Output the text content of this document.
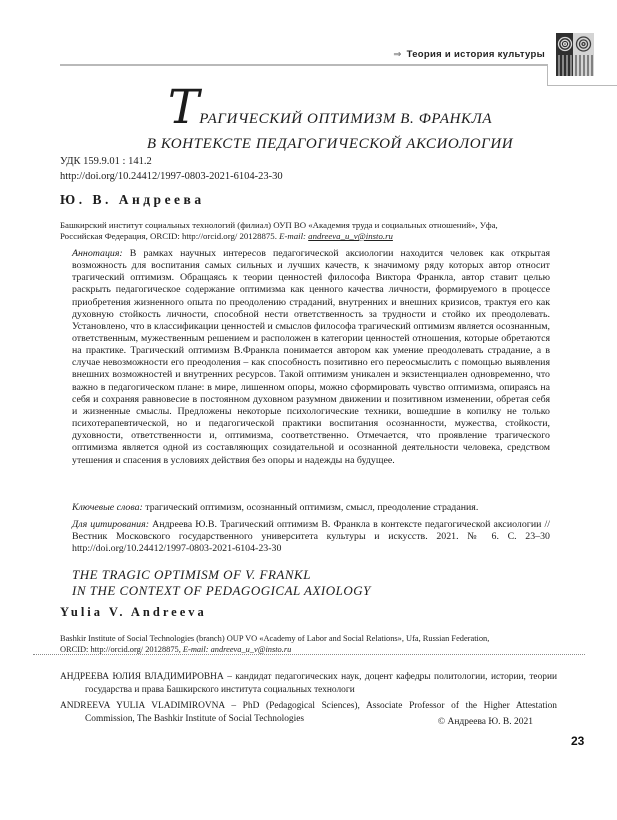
⇒ Теория и история культуры
ТРАГИЧЕСКИЙ ОПТИМИЗМ В. ФРАНКЛА
В КОНТЕКСТЕ ПЕДАГОГИЧЕСКОЙ АКСИОЛОГИИ
УДК 159.9.01 : 141.2
http://doi.org/10.24412/1997-0803-2021-6104-23-30
Ю. В. Андреева

Башкирский институт социальных технологий (филиал) ОУП ВО «Академия труда и социальных отношений», Уфа, Российская Федерация, ORCID: http://orcid.org/ 20128875. E-mail: andreeva_u_v@insto.ru

Аннотация: В рамках научных интересов педагогической аксиологии находится человек как открытая возможность для воспитания самых сильных и лучших качеств, к значимому ряду которых автор относит трагический оптимизм. Обращаясь к теории ценностей философа Виктора Франкла, автор ставит целью раскрыть педагогическое содержание оптимизма как ценного качества личности, формируемого в процессе приобретения жизненного опыта по преодолению страданий, внутренних и внешних кризисов, трактуя его как духовную стойкость личности, способной нести ответственность за трудности и стойко их преодолевать. Установлено, что в классификации ценностей и смыслов философа трагический оптимизм является осознанным, ответственным, мужественным решением и расположен в категории ценностей отношения, которые обретаются на практике. Трагический оптимизм В.Франкла понимается автором как умение преодолевать страдание, а в случае невозможности его преодоления – как способность позитивно его переосмыслить с помощью выявления внешних возможностей и внутренних ресурсов. Такой оптимизм уникален и экзистенциален одновременно, что важно в педагогическом плане: в мире, лишенном опоры, можно сформировать чувство оптимизма, опираясь на себя и сохраняя равновесие в постоянном духовном разумном движении и позитивном изменении, обретая себя и жизненные смыслы. Предложены некоторые психологические техники, вошедшие в копилку не только психотерапевтической, но и педагогической практики воспитания осознанности, мужества, стойкости, духовности, ответственности и, оптимизма, соответственно. Отмечается, что проявление трагического оптимизма является одной из составляющих созидательной и осознанной деятельности человека, средством утешения и спасения в условиях действия без опоры и надежды на будущее.

Ключевые слова: трагический оптимизм, осознанный оптимизм, смысл, преодоление страдания.

Для цитирования: Андреева Ю.В. Трагический оптимизм В. Франкла в контексте педагогической аксиологии // Вестник Московского государственного университета культуры и искусств. 2021. № 6. С. 23–30 http://doi.org/10.24412/1997-0803-2021-6104-23-30

THE TRAGIC OPTIMISM OF V. FRANKL
IN THE CONTEXT OF PEDAGOGICAL AXIOLOGY
Yulia V. Andreeva

Bashkir Institute of Social Technologies (branch) OUP VO «Academy of Labor and Social Relations», Ufa, Russian Federation, ORCID: http://orcid.org/ 20128875, E-mail: andreeva_u_v@insto.ru

АНДРЕЕВА ЮЛИЯ ВЛАДИМИРОВНА – кандидат педагогических наук, доцент кафедры политологии, истории, теории государства и права Башкирского института социальных технологи

ANDREEVA YULIA VLADIMIROVNA – PhD (Pedagogical Sciences), Associate Professor of the Higher Attestation Commission, The Bashkir Institute of Social Technologies	© Андреева Ю. В. 2021
23
